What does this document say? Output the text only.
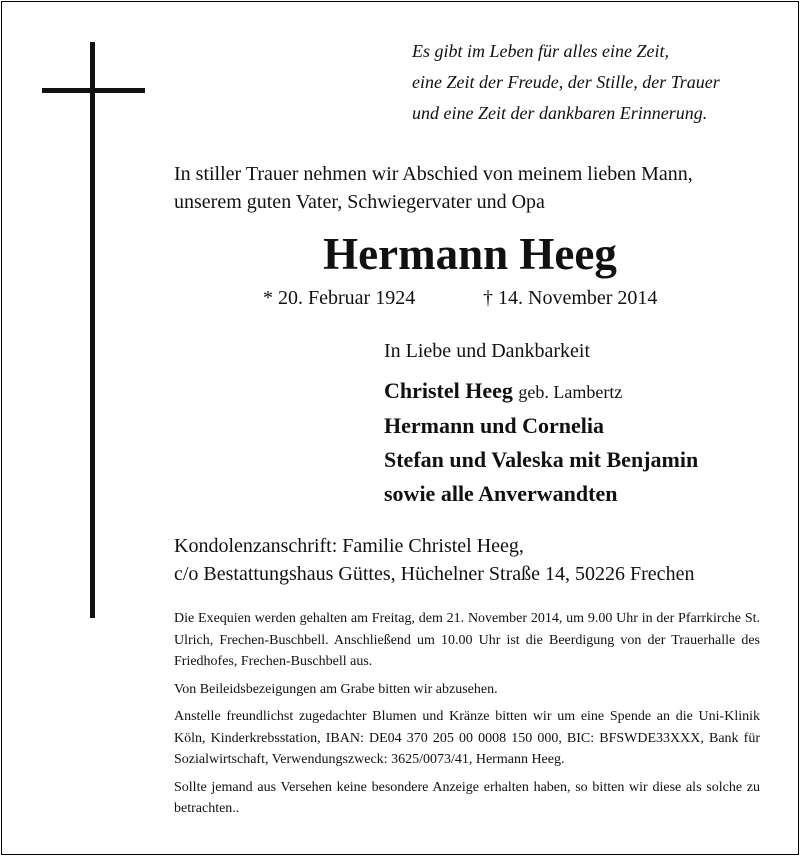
Es gibt im Leben für alles eine Zeit,
eine Zeit der Freude, der Stille, der Trauer
und eine Zeit der dankbaren Erinnerung.
In stiller Trauer nehmen wir Abschied von meinem lieben Mann,
unserem guten Vater, Schwiegervater und Opa
Hermann Heeg
* 20. Februar 1924	† 14. November 2014
In Liebe und Dankbarkeit
Christel Heeg geb. Lambertz
Hermann und Cornelia
Stefan und Valeska mit Benjamin
sowie alle Anverwandten
Kondolenzanschrift: Familie Christel Heeg,
c/o Bestattungshaus Güttes, Hüchelner Straße 14, 50226 Frechen

Die Exequien werden gehalten am Freitag, dem 21. November 2014, um 9.00 Uhr in der Pfarrkirche St. Ulrich, Frechen-Buschbell. Anschließend um 10.00 Uhr ist die Beerdigung von der Trauerhalle des Friedhofes, Frechen-Buschbell aus.

Von Beileidsbezeigungen am Grabe bitten wir abzusehen.

Anstelle freundlichst zugedachter Blumen und Kränze bitten wir um eine Spende an die Uni-Klinik Köln, Kinderkrebsstation, IBAN: DE04 370 205 00 0008 150 000, BIC: BFSWDE33XXX, Bank für Sozialwirtschaft, Verwendungszweck: 3625/0073/41, Hermann Heeg.

Sollte jemand aus Versehen keine besondere Anzeige erhalten haben, so bitten wir diese als solche zu betrachten..
